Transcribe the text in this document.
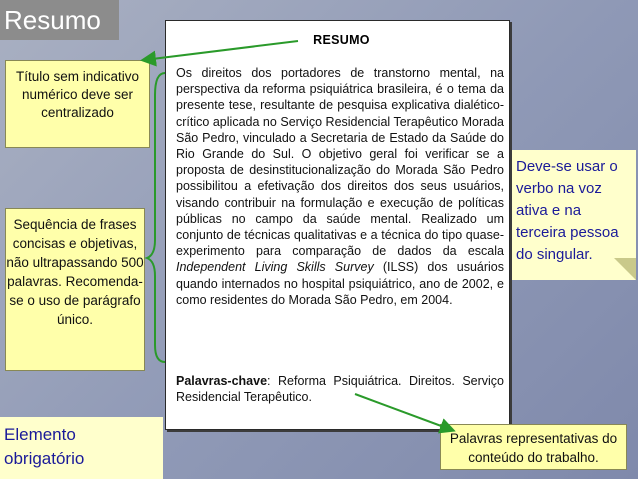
Resumo
RESUMO
Os direitos dos portadores de transtorno mental, na perspectiva da reforma psiquiátrica brasileira, é o tema da presente tese, resultante de pesquisa explicativa dialético-crítico aplicada no Serviço Residencial Terapêutico Morada São Pedro, vinculado a Secretaria de Estado da Saúde do Rio Grande do Sul. O objetivo geral foi verificar se a proposta de desinstitucionalização do Morada São Pedro possibilitou a efetivação dos direitos dos seus usuários, visando contribuir na formulação e execução de políticas públicas no campo da saúde mental. Realizado um conjunto de técnicas qualitativas e a técnica do tipo quase-experimento para comparação de dados da escala Independent Living Skills Survey (ILSS) dos usuários quando internados no hospital psiquiátrico, ano de 2002, e como residentes do Morada São Pedro, em 2004.
Palavras-chave: Reforma Psiquiátrica. Direitos. Serviço Residencial Terapêutico.
Título sem indicativo numérico deve ser centralizado
Sequência de frases concisas e objetivas, não ultrapassando 500 palavras. Recomenda-se o uso de parágrafo único.
Deve-se usar o verbo na voz ativa e na terceira pessoa do singular.
Elemento obrigatório
Palavras representativas do conteúdo do trabalho.
